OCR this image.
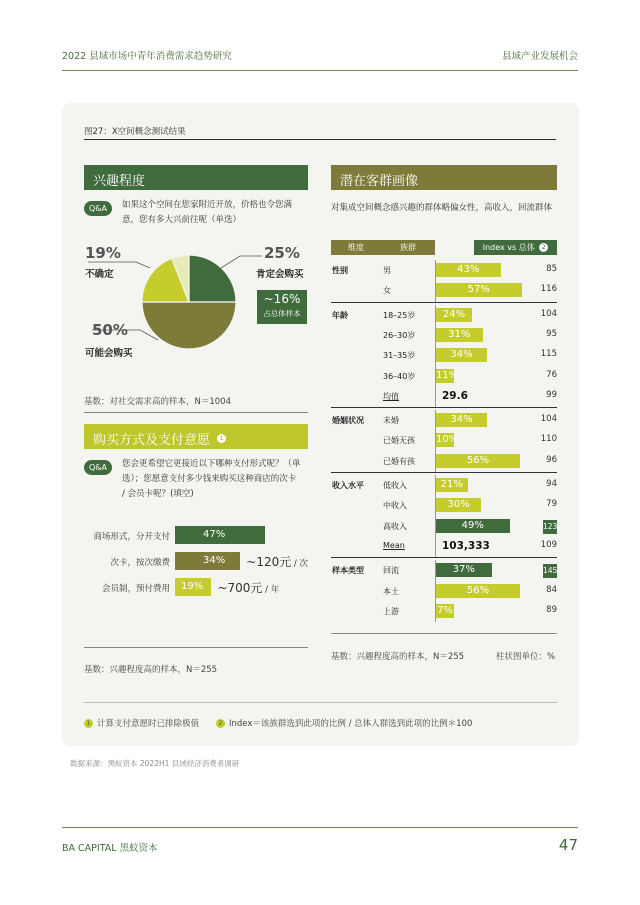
2022 县域市场中青年消费需求趋势研究	县域产业发展机会
图27：X空间概念测试结果
兴趣程度
Q&A	如果这个空间在您家附近开放，价格也令您满
意，您有多大兴前往呢（单选）
25%
肯定会购买
19%
不确定
50%
可能会购买
~16%
占总体样本
基数：对社交需求高的样本，N＝1004
购买方式及支付意愿 1
Q&A	您会更希望它更接近以下哪种支付形式呢？（单
选）；您愿意支付多少钱来购买这种商店的次卡
/ 会员卡呢？(填空)
商场形式，分开支付	47%
次卡，按次缴费	34%	~120元 / 次
会员制，预付费用	19%	~700元 / 年
基数：兴趣程度高的样本，N＝255
潜在客群画像
对集成空间概念感兴趣的群体略偏女性，高收入，回流群体
维度	族群	Index vs 总体 2
性别	男	43%	85
女	57%	116
年龄	18–25岁	24%	104
26–30岁	31%	95
31–35岁	34%	115
36–40岁 11%	76
均值	29.6	99
婚姻状况 未婚	34%	104
已婚无孩 10%	110
已婚有孩	56%	96
收入水平 低收入	21%	94
中收入	30%	79
高收入	49%	123
Mean	103,333	109
样本类型 回流	37%	145
本土	56%	84
上游	7%	89
基数：兴趣程度高的样本，N＝255	柱状图单位：%
1 计算支付意愿时已排除极值	2 Index＝该族群选到此项的比例 / 总体人群选到此项的比例＊100
数据来源：黑蚁资本 2022H1 县域经济消费者调研
BA CAPITAL 黑蚁资本	47
